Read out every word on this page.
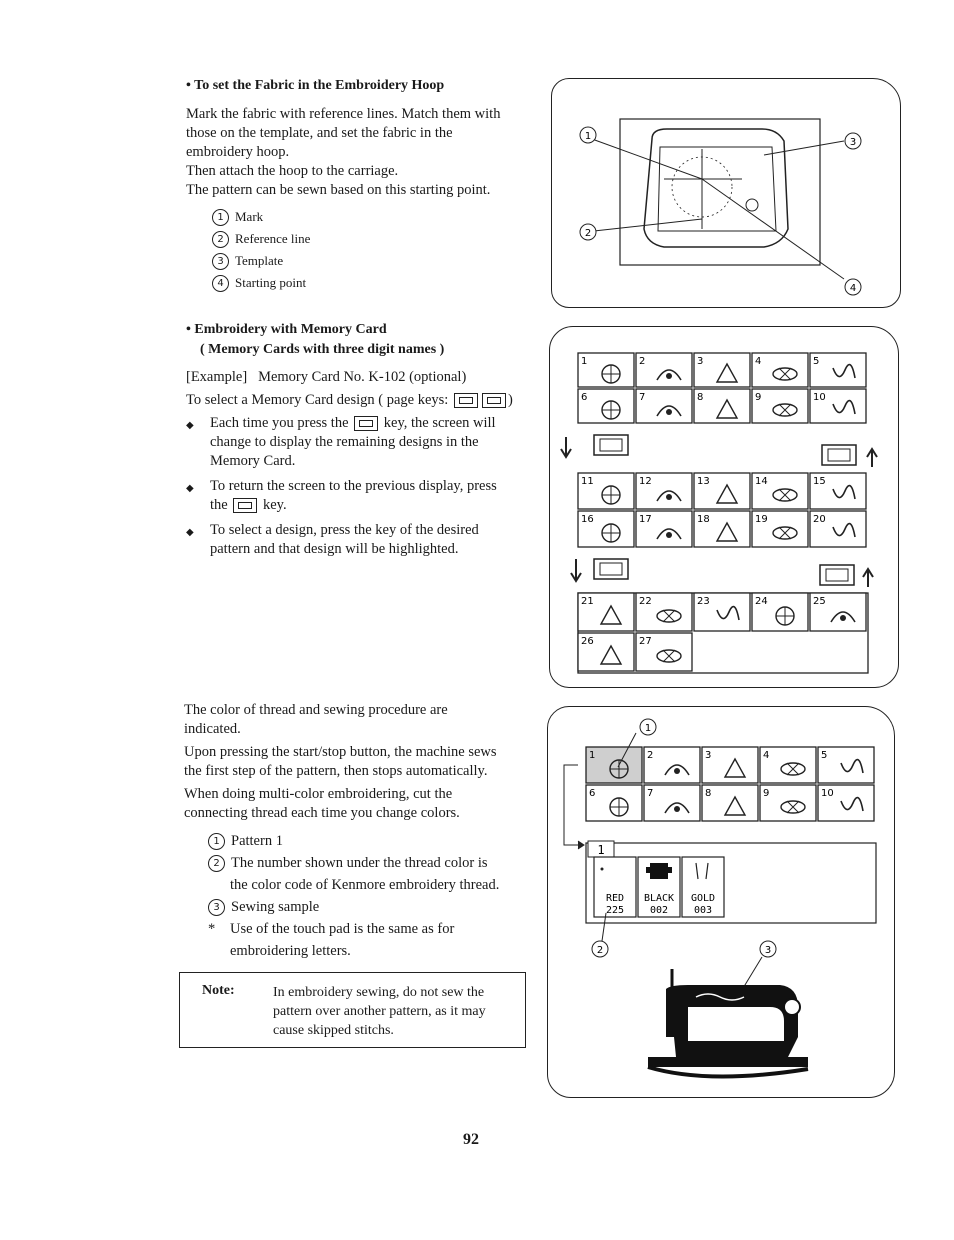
• To set the Fabric in the Embroidery Hoop
Mark the fabric with reference lines. Match them with
those on the template, and set the fabric in the
embroidery hoop.
Then attach the hoop to the carriage.
The pattern can be sewn based on this starting point.
1 Mark
2 Reference line
3 Template
4 Starting point
• Embroidery with Memory Card
( Memory Cards with three digit names )
[Example] Memory Card No. K-102 (optional)
To select a Memory Card design ( page keys:	)
◆ Each time you press the key, the screen will
change to display the remaining designs in the
Memory Card.
◆ To return the screen to the previous display, press
the key.
◆ To select a design, press the key of the desired
pattern and that design will be highlighted.
The color of thread and sewing procedure are
indicated.
Upon pressing the start/stop button, the machine sews
the first step of the pattern, then stops automatically.
When doing multi-color embroidering, cut the
connecting thread each time you change colors.
1 Pattern 1
2 The number shown under the thread color is
the color code of Kenmore embroidery thread.
3 Sewing sample
* Use of the touch pad is the same as for
embroidering letters.
Note:	In embroidery sewing, do not sew the
pattern over another pattern, as it may
cause skipped stitchs.
1
2
3
4
1	2	3	4	5
6	7	8	9	10
11	12	13	14	15
16	17	18	19	20
21	22	23	24	25
26	27
1	2	3	4	5
6	7	8	9	10
1
RED
225
BLACK
002
GOLD
003
1
2	3
92
